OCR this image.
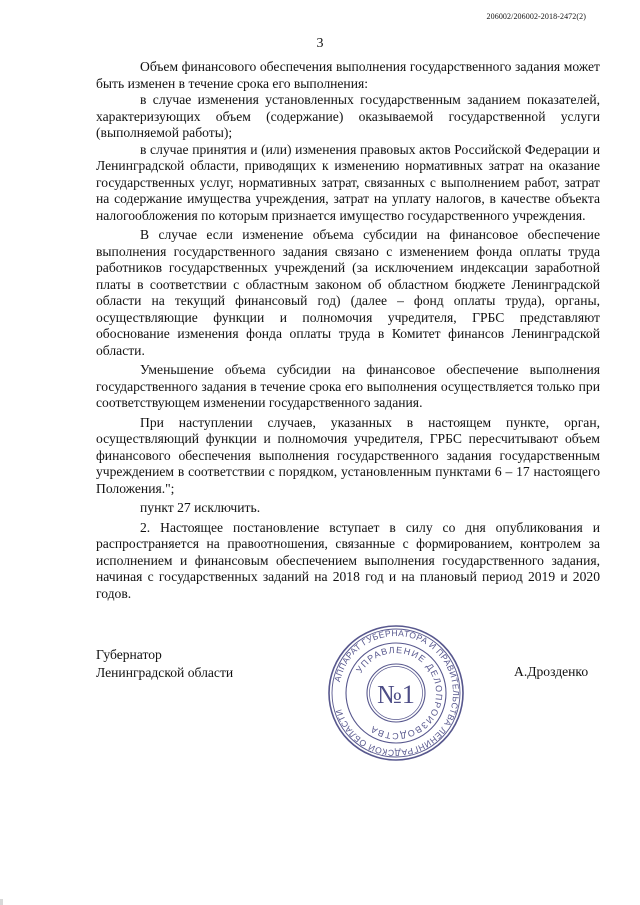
206002/206002-2018-2472(2)
3

Объем финансового обеспечения выполнения государственного задания может быть изменен в течение срока его выполнения:

в случае изменения установленных государственным заданием показателей, характеризующих объем (содержание) оказываемой государственной услуги (выполняемой работы);

в случае принятия и (или) изменения правовых актов Российской Федерации и Ленинградской области, приводящих к изменению нормативных затрат на оказание государственных услуг, нормативных затрат, связанных с выполнением работ, затрат на содержание имущества учреждения, затрат на уплату налогов, в качестве объекта налогообложения по которым признается имущество государственного учреждения.

В случае если изменение объема субсидии на финансовое обеспечение выполнения государственного задания связано с изменением фонда оплаты труда работников государственных учреждений (за исключением индексации заработной платы в соответствии с областным законом об областном бюджете Ленинградской области на текущий финансовый год) (далее – фонд оплаты труда), органы, осуществляющие функции и полномочия учредителя, ГРБС представляют обоснование изменения фонда оплаты труда в Комитет финансов Ленинградской области.

Уменьшение объема субсидии на финансовое обеспечение выполнения государственного задания в течение срока его выполнения осуществляется только при соответствующем изменении государственного задания.

При наступлении случаев, указанных в настоящем пункте, орган, осуществляющий функции и полномочия учредителя, ГРБС пересчитывают объем финансового обеспечения выполнения государственного задания государственным учреждением в соответствии с порядком, установленным пунктами 6 – 17 настоящего Положения.";

пункт 27 исключить.

2. Настоящее постановление вступает в силу со дня опубликования и распространяется на правоотношения, связанные с формированием, контролем за исполнением и финансовым обеспечением выполнения государственного задания, начиная с государственных заданий на 2018 год и на плановый период 2019 и 2020 годов.

Губернатор
Ленинградской области	А.Дрозденко
АППАРАТ ГУБЕРНАТОРА И ПРАВИТЕЛЬСТВА ЛЕНИНГРАДСКОЙ ОБЛАСТИ
УПРАВЛЕНИЕ ДЕЛОПРОИЗВОДСТВА
№1
